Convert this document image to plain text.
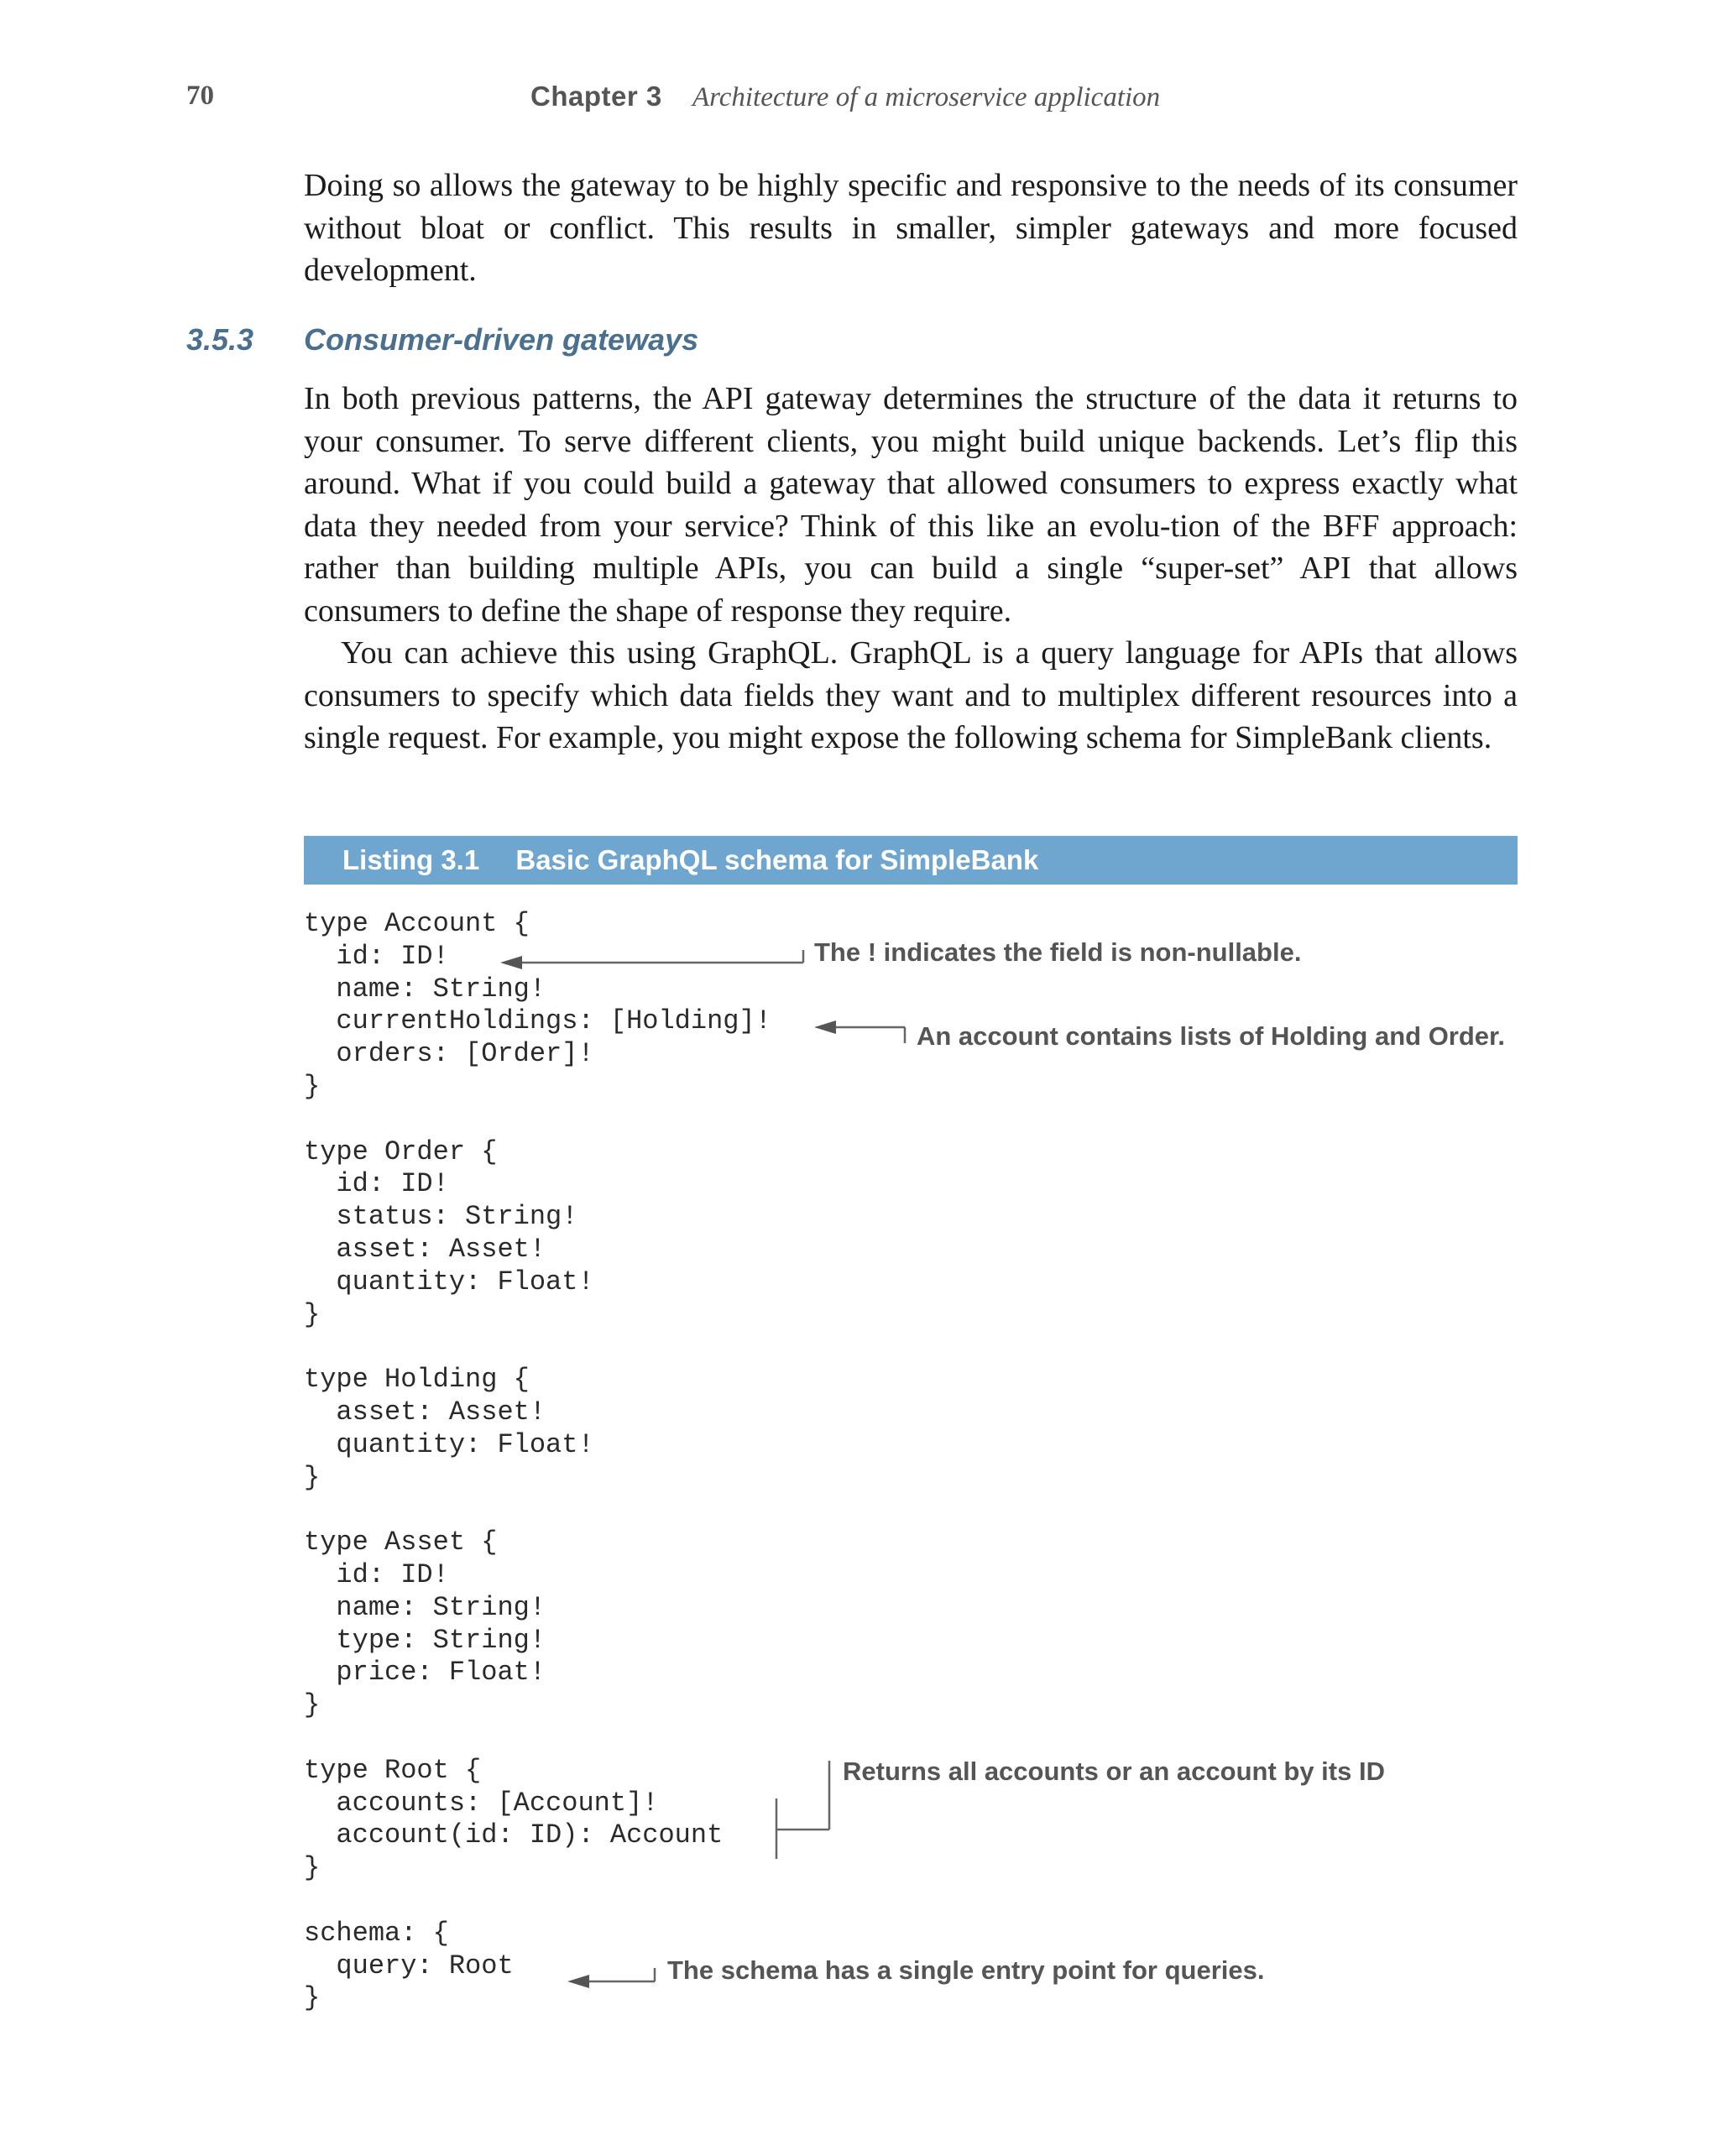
70	Chapter 3 Architecture of a microservice application
Doing so allows the gateway to be highly specific and responsive to the needs of its consumer without bloat or conflict. This results in smaller, simpler gateways and more focused development.
3.5.3 Consumer-driven gateways
In both previous patterns, the API gateway determines the structure of the data it returns to your consumer. To serve different clients, you might build unique backends. Let’s flip this around. What if you could build a gateway that allowed consumers to express exactly what data they needed from your service? Think of this like an evolu-tion of the BFF approach: rather than building multiple APIs, you can build a single “super-set” API that allows consumers to define the shape of response they require.
You can achieve this using GraphQL. GraphQL is a query language for APIs that allows consumers to specify which data fields they want and to multiplex different resources into a single request. For example, you might expose the following schema for SimpleBank clients.
Listing 3.1 Basic GraphQL schema for SimpleBank
type Account {
id: ID!
name: String!
currentHoldings: [Holding]!
orders: [Order]!
}
type Order {
id: ID!
status: String!
asset: Asset!
quantity: Float!
}
type Holding {
asset: Asset!
quantity: Float!
}
type Asset {
id: ID!
name: String!
type: String!
price: Float!
}
type Root {
accounts: [Account]!
account(id: ID): Account
}
schema: {
query: Root
}
The ! indicates the field is non-nullable.
An account contains lists of Holding and Order.
Returns all accounts or an account by its ID
The schema has a single entry point for queries.
